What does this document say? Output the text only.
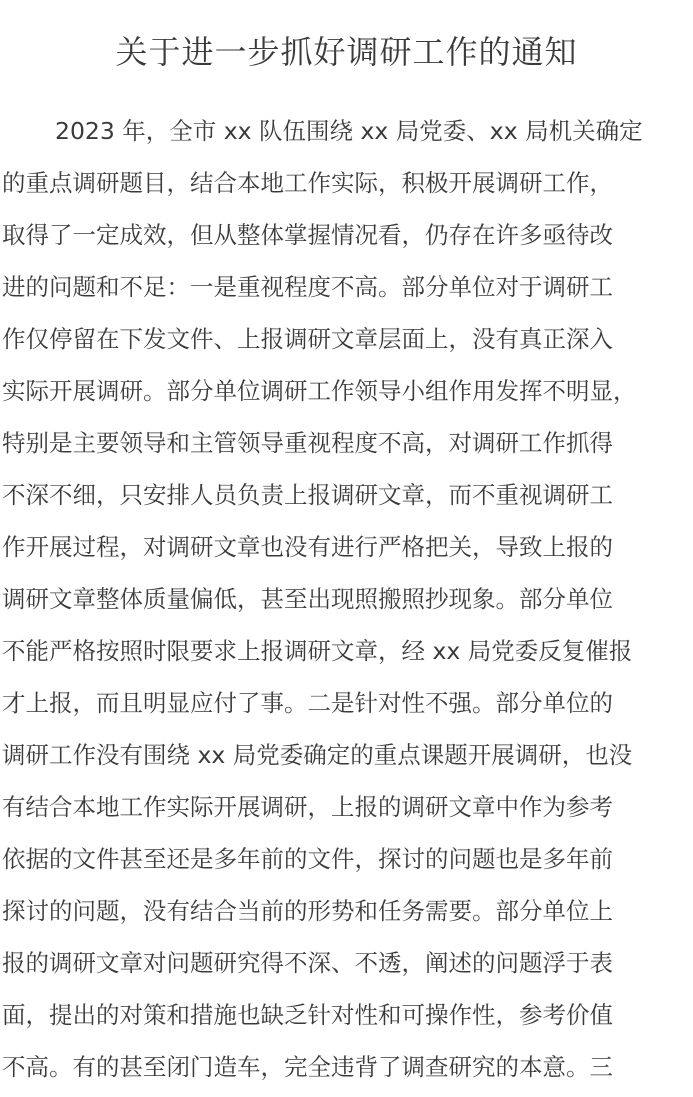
关于进一步抓好调研工作的通知
2023 年，全市 xx 队伍围绕 xx 局党委、xx 局机关确定
的重点调研题目，结合本地工作实际，积极开展调研工作，
取得了一定成效，但从整体掌握情况看，仍存在许多亟待改
进的问题和不足：一是重视程度不高。部分单位对于调研工
作仅停留在下发文件、上报调研文章层面上，没有真正深入
实际开展调研。部分单位调研工作领导小组作用发挥不明显，
特别是主要领导和主管领导重视程度不高，对调研工作抓得
不深不细，只安排人员负责上报调研文章，而不重视调研工
作开展过程，对调研文章也没有进行严格把关，导致上报的
调研文章整体质量偏低，甚至出现照搬照抄现象。部分单位
不能严格按照时限要求上报调研文章，经 xx 局党委反复催报
才上报，而且明显应付了事。二是针对性不强。部分单位的
调研工作没有围绕 xx 局党委确定的重点课题开展调研，也没
有结合本地工作实际开展调研，上报的调研文章中作为参考
依据的文件甚至还是多年前的文件，探讨的问题也是多年前
探讨的问题，没有结合当前的形势和任务需要。部分单位上
报的调研文章对问题研究得不深、不透，阐述的问题浮于表
面，提出的对策和措施也缺乏针对性和可操作性，参考价值
不高。有的甚至闭门造车，完全违背了调查研究的本意。三
